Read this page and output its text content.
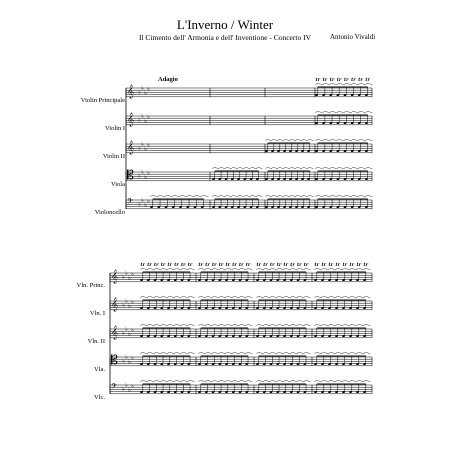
L'Inverno / Winter
Il Cimento dell' Armonia e dell' Inventione - Concerto IV	Antonio Vivaldi
Adagio
Violin Principale
Violin I
Violin II
Viola
Violoncello
Vln. Princ.
Vln. I
Vln. II
Vla.
Vlc.
𝄞 ♭
♭
♭
♭
𝄞 ♭
♭
♭
♭
𝄞 ♭
♭
♭
♭
𝄡 ♭
♭
♭
♭
𝄢 ♭
♭
♭
♭
tr tr tr tr tr tr tr tr
𝄞 ♭
♭
♭
♭
𝄞 ♭
♭
♭
♭
𝄞 ♭
♭
♭
♭
𝄡 ♭
♭
♭
♭
𝄢 ♭
♭
♭
♭
tr tr tr tr tr tr tr tr tr tr tr tr tr tr tr tr tr tr tr tr tr tr tr tr tr tr tr tr tr tr tr tr
